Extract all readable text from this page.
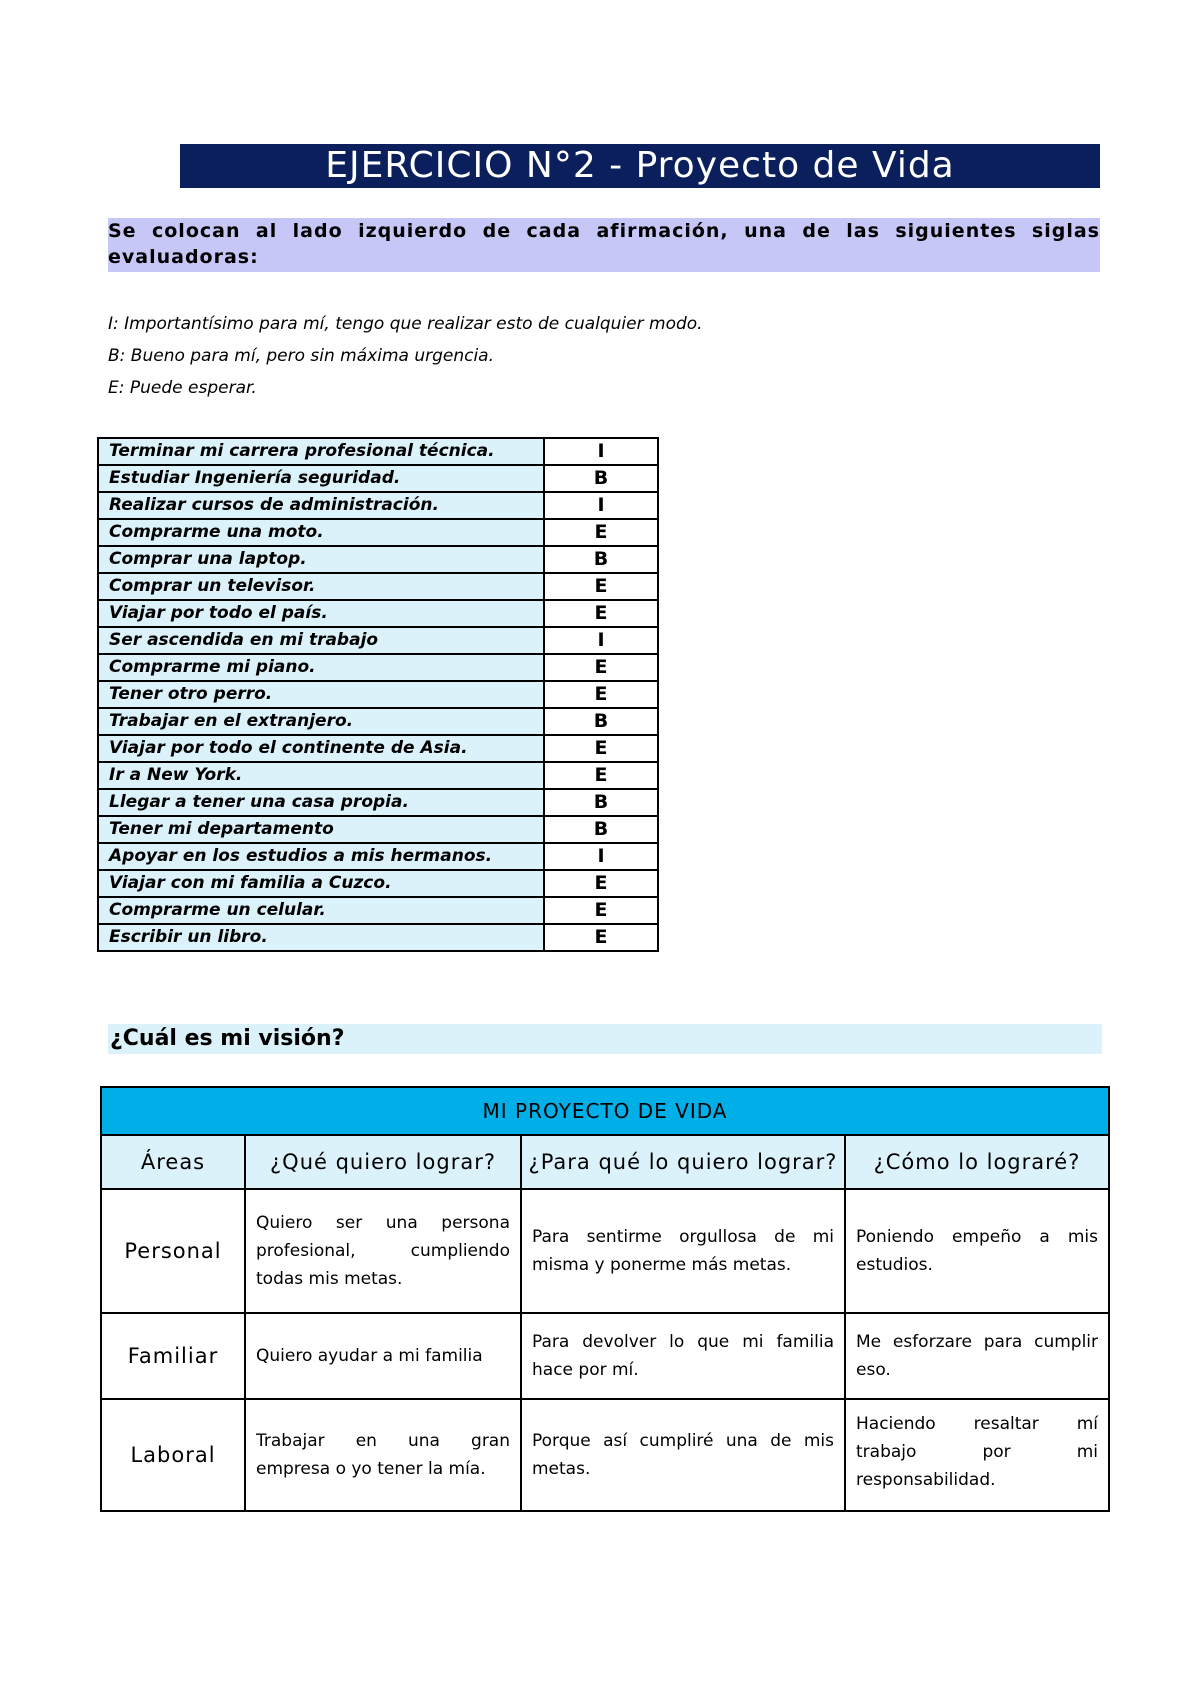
EJERCICIO N°2 - Proyecto de Vida
Se colocan al lado izquierdo de cada afirmación, una de las siguientes siglas evaluadoras:
I: Importantísimo para mí, tengo que realizar esto de cualquier modo.
B: Bueno para mí, pero sin máxima urgencia.
E: Puede esperar.
Terminar mi carrera profesional técnica.	I
Estudiar Ingeniería seguridad.	B
Realizar cursos de administración.	I
Comprarme una moto.	E
Comprar una laptop.	B
Comprar un televisor.	E
Viajar por todo el país.	E
Ser ascendida en mi trabajo	I
Comprarme mi piano.	E
Tener otro perro.	E
Trabajar en el extranjero.	B
Viajar por todo el continente de Asia.	E
Ir a New York.	E
Llegar a tener una casa propia.	B
Tener mi departamento	B
Apoyar en los estudios a mis hermanos.	I
Viajar con mi familia a Cuzco.	E
Comprarme un celular.	E
Escribir un libro.	E
¿Cuál es mi visión?
MI PROYECTO DE VIDA			
Áreas	¿Qué quiero lograr?	¿Para qué lo quiero lograr?	¿Cómo lo lograré?
Personal	Quiero ser una persona profesional, cumpliendo todas mis metas.	Para sentirme orgullosa de mi misma y ponerme más metas.	Poniendo empeño a mis estudios.
Familiar	Quiero ayudar a mi familia	Para devolver lo que mi familia hace por mí.	Me esforzare para cumplir eso.
Laboral	Trabajar en una gran empresa o yo tener la mía.	Porque así cumpliré una de mis metas.	Haciendo resaltar mí trabajo por mi responsabilidad.
